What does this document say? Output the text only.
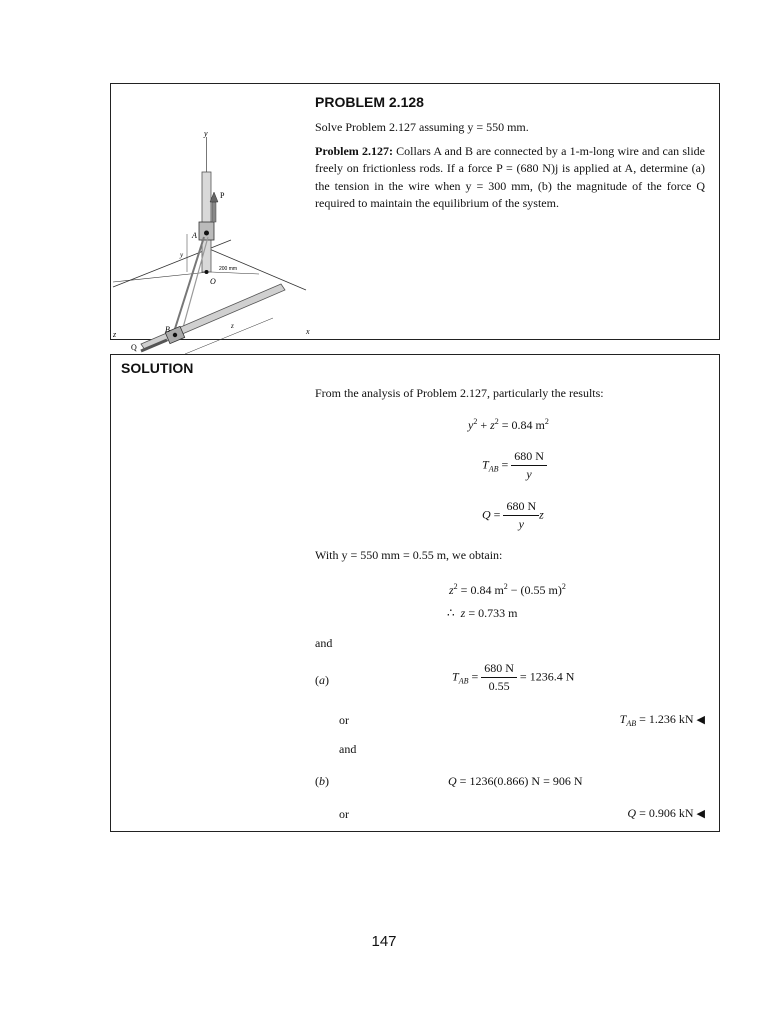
y
P
A
O
B
Q
x
z
y
z
200 mm
PROBLEM 2.128
Solve Problem 2.127 assuming y = 550 mm.
Problem 2.127: Collars A and B are connected by a 1-m-long wire and can slide freely on frictionless rods. If a force P = (680 N)j is applied at A, determine (a) the tension in the wire when y = 300 mm, (b) the magnitude of the force Q required to maintain the equilibrium of the system.
SOLUTION
From the analysis of Problem 2.127, particularly the results:
$y^2 + z^2 = 0.84$ $m^2$
$T_{AB} = \frac{680 N}{y}$
$Q = \frac{680 N}{y}$ z
With y = 550 mm = 0.55 m, we obtain:
$z^2 = 0.84$ $m^2 - (0.55$ m)$^2$
∴ z = 0.733 m
and
(a)	$T_{AB} = \frac{680 N}{0.55} = 1236.4$ N
or	$T_{AB} = 1.236$ kN ◀
and
(b)	Q = 1236(0.866) N = 906 N
or	Q = 0.906 kN ◀
147
